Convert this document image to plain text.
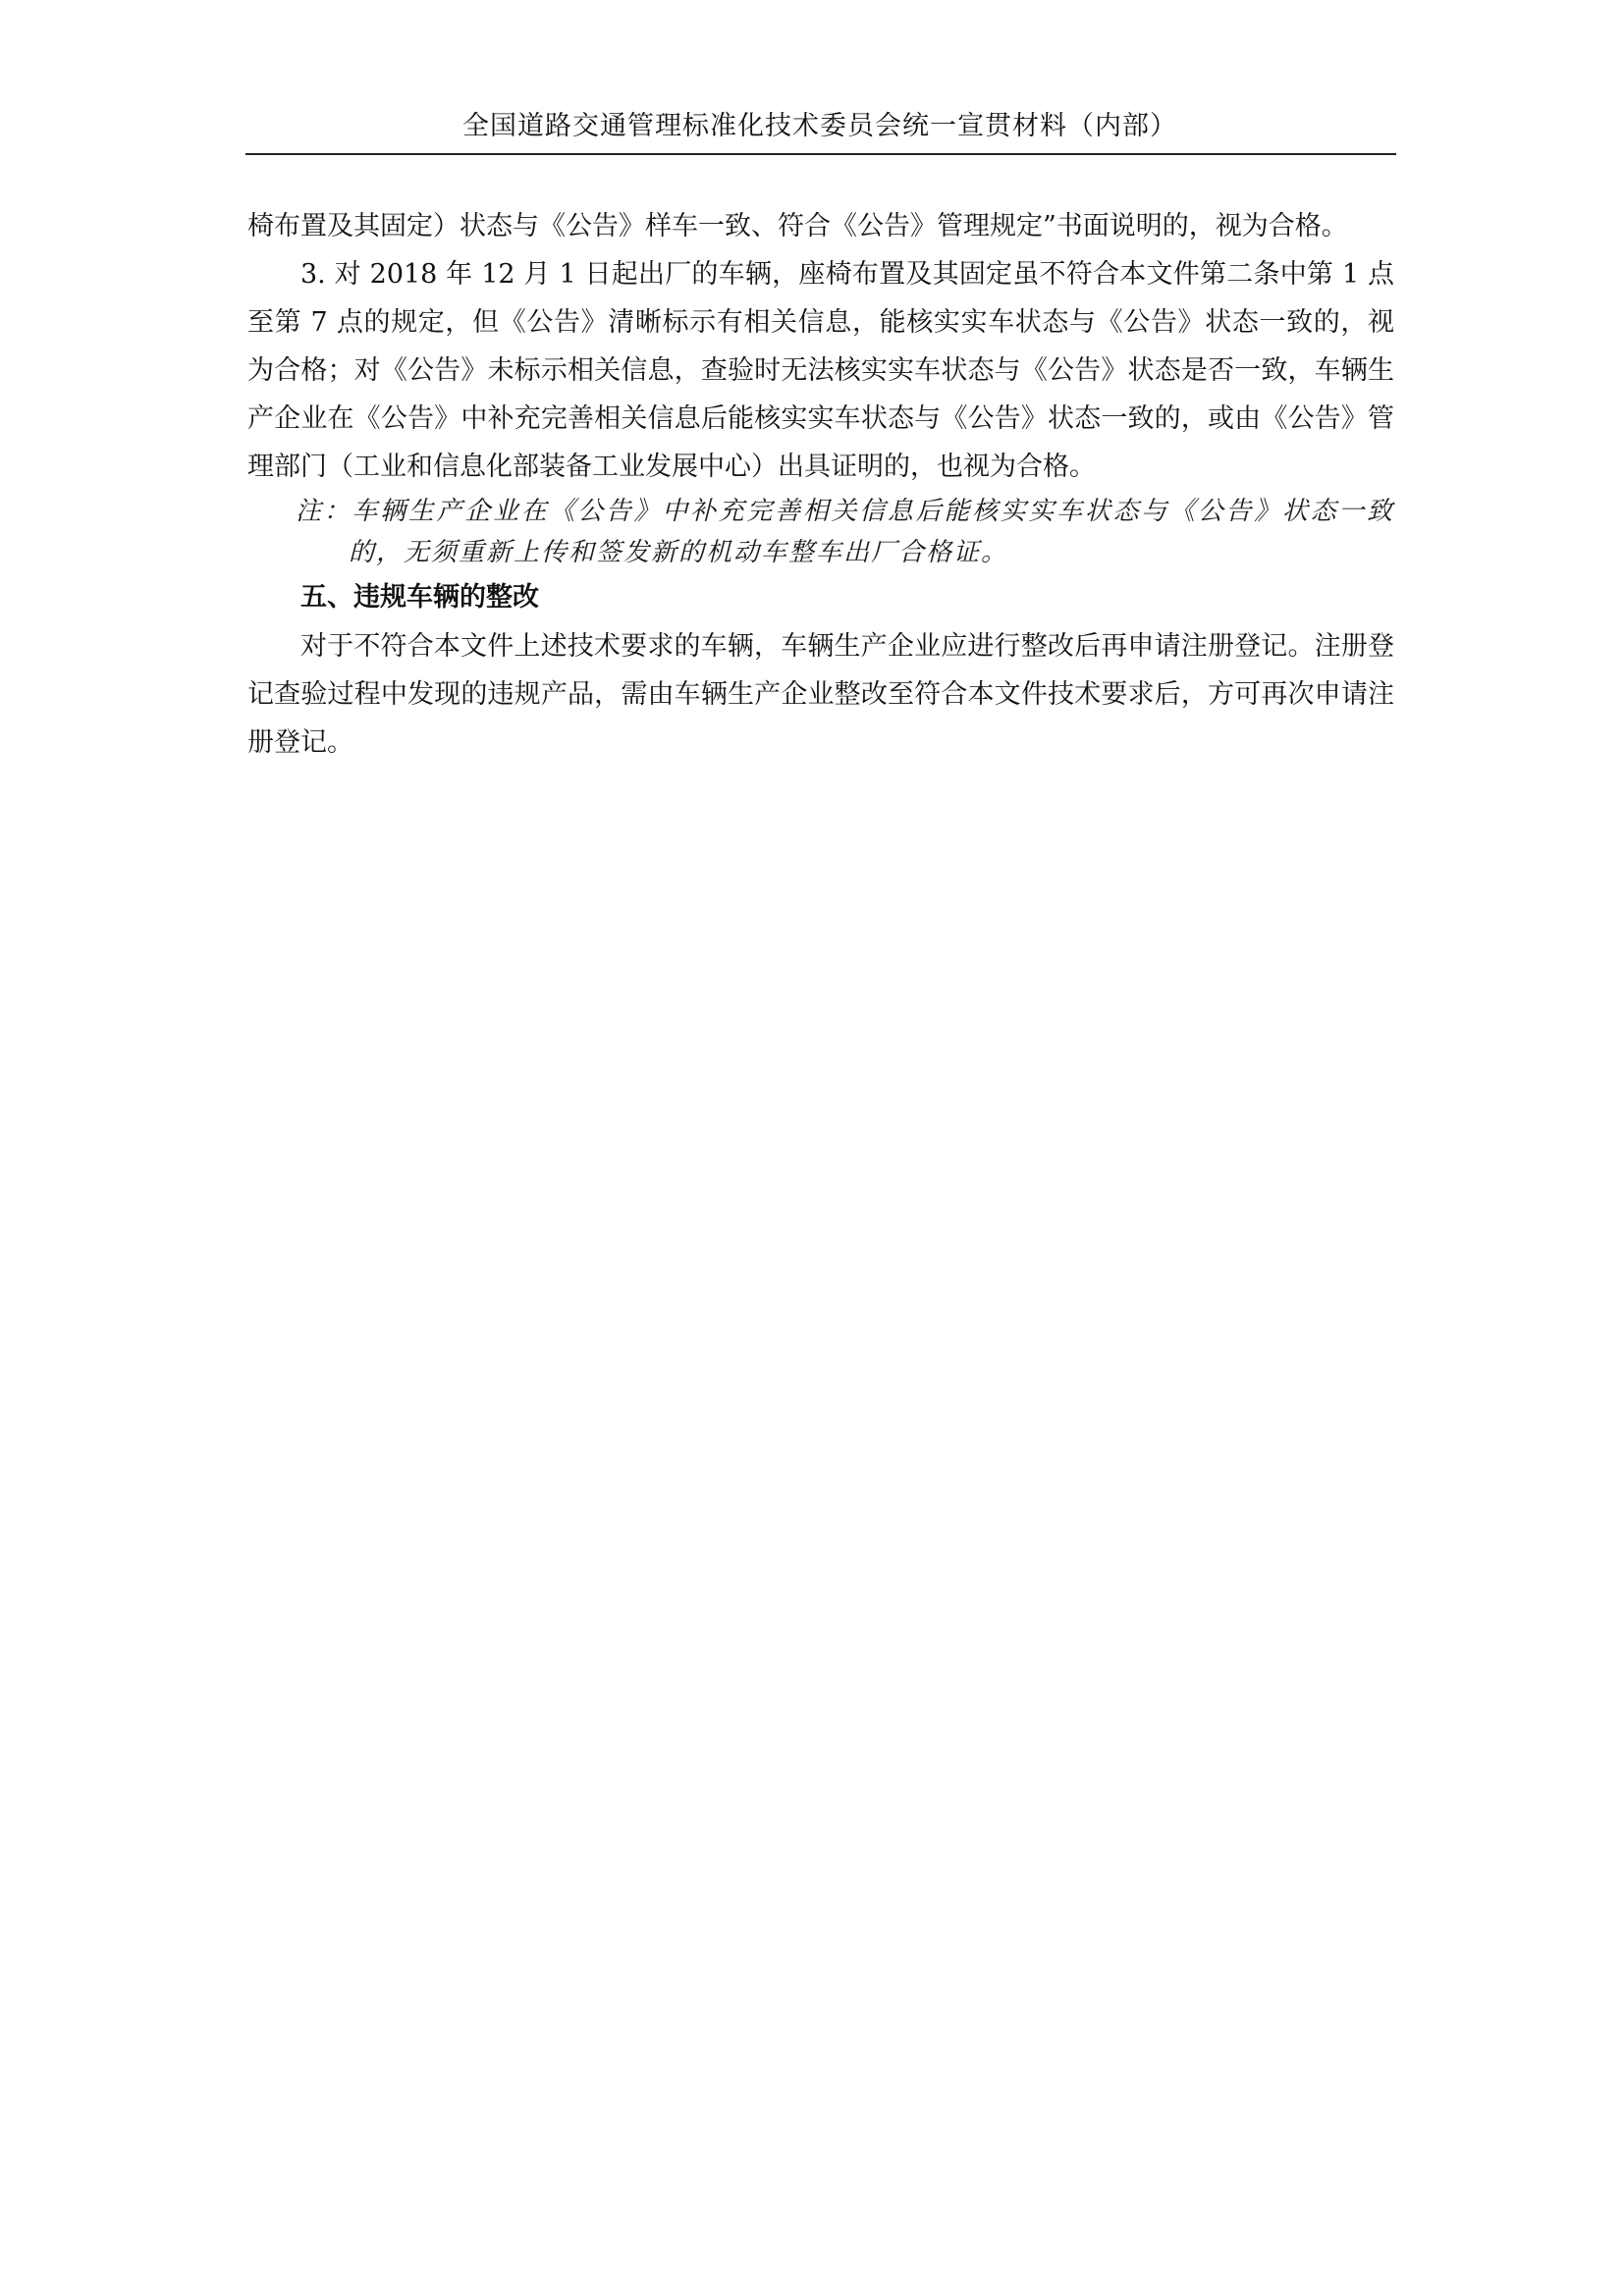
全国道路交通管理标准化技术委员会统一宣贯材料（内部）

椅布置及其固定）状态与《公告》样车一致、符合《公告》管理规定”书面说明的，视为合格。

3. 对 2018 年 12 月 1 日起出厂的车辆，座椅布置及其固定虽不符合本文件第二条中第 1 点至第 7 点的规定，但《公告》清晰标示有相关信息，能核实实车状态与《公告》状态一致的，视为合格；对《公告》未标示相关信息，查验时无法核实实车状态与《公告》状态是否一致，车辆生产企业在《公告》中补充完善相关信息后能核实实车状态与《公告》状态一致的，或由《公告》管理部门（工业和信息化部装备工业发展中心）出具证明的，也视为合格。

注：车辆生产企业在《公告》中补充完善相关信息后能核实实车状态与《公告》状态一致的，无须重新上传和签发新的机动车整车出厂合格证。

五、违规车辆的整改

对于不符合本文件上述技术要求的车辆，车辆生产企业应进行整改后再申请注册登记。注册登记查验过程中发现的违规产品，需由车辆生产企业整改至符合本文件技术要求后，方可再次申请注册登记。
